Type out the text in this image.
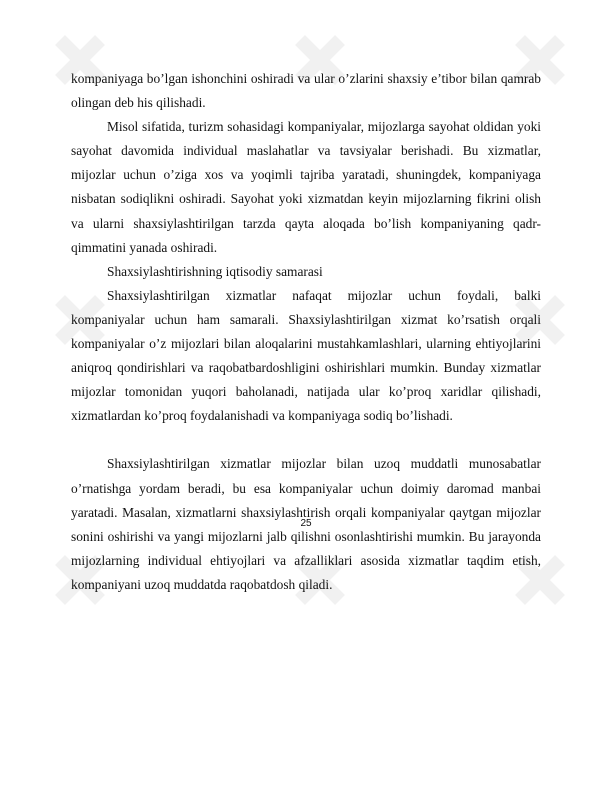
kompaniyaga bo’lgan ishonchini oshiradi va ular o’zlarini shaxsiy e’tibor bilan qamrab olingan deb his qilishadi.

Misol sifatida, turizm sohasidagi kompaniyalar, mijozlarga sayohat oldidan yoki sayohat davomida individual maslahatlar va tavsiyalar berishadi. Bu xizmatlar, mijozlar uchun o’ziga xos va yoqimli tajriba yaratadi, shuningdek, kompaniyaga nisbatan sodiqlikni oshiradi. Sayohat yoki xizmatdan keyin mijozlarning fikrini olish va ularni shaxsiylashtirilgan tarzda qayta aloqada bo’lish kompaniyaning qadr-qimmatini yanada oshiradi.

Shaxsiylashtirishning iqtisodiy samarasi

Shaxsiylashtirilgan xizmatlar nafaqat mijozlar uchun foydali, balki kompaniyalar uchun ham samarali. Shaxsiylashtirilgan xizmat ko’rsatish orqali kompaniyalar o’z mijozlari bilan aloqalarini mustahkamlashlari, ularning ehtiyojlarini aniqroq qondirishlari va raqobatbardoshligini oshirishlari mumkin. Bunday xizmatlar mijozlar tomonidan yuqori baholanadi, natijada ular ko’proq xaridlar qilishadi, xizmatlardan ko’proq foydalanishadi va kompaniyaga sodiq bo’lishadi.

Shaxsiylashtirilgan xizmatlar mijozlar bilan uzoq muddatli munosabatlar o’rnatishga yordam beradi, bu esa kompaniyalar uchun doimiy daromad manbai yaratadi. Masalan, xizmatlarni shaxsiylashtirish orqali kompaniyalar qaytgan mijozlar sonini oshirishi va yangi mijozlarni jalb qilishni osonlashtirishi mumkin. Bu jarayonda mijozlarning individual ehtiyojlari va afzalliklari asosida xizmatlar taqdim etish, kompaniyani uzoq muddatda raqobatdosh qiladi.

25
